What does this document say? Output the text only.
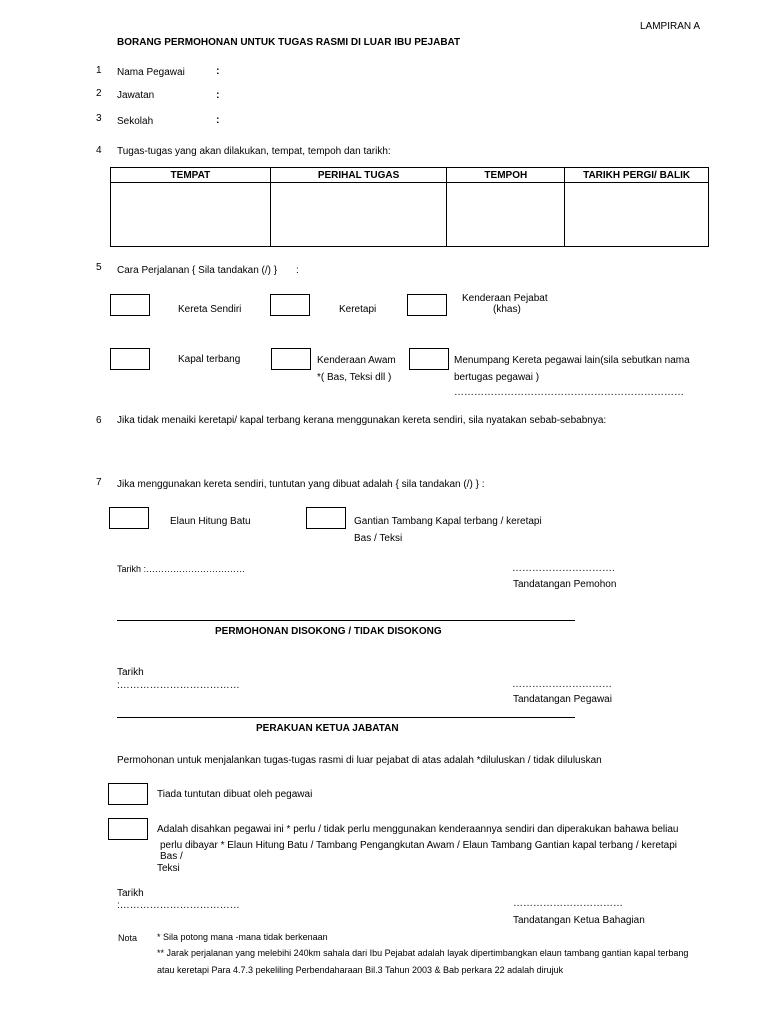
LAMPIRAN A
BORANG PERMOHONAN UNTUK TUGAS RASMI DI LUAR IBU PEJABAT
1 Nama Pegawai	:
2 Jawatan	:
3 Sekolah	:
4 Tugas-tugas yang akan dilakukan, tempat, tempoh dan tarikh:
TEMPAT	PERIHAL TUGAS	TEMPOH	TARIKH PERGI/ BALIK

5 Cara Perjalanan { Sila tandakan (/) } :
Kereta Sendiri	Keretapi
Kenderaan Pejabat
(khas)
Kapal terbang	Kenderaan Awam
*( Bas, Teksi dll )
Menumpang Kereta pegawai lain(sila sebutkan nama
bertugas pegawai )
……………………………………………………………
6 Jika tidak menaiki keretapi/ kapal terbang kerana menggunakan kereta sendiri, sila nyatakan sebab-sebabnya:
7 Jika menggunakan kereta sendiri, tuntutan yang dibuat adalah { sila tandakan (/) } :
Elaun Hitung Batu	Gantian Tambang Kapal terbang / keretapi
Bas / Teksi
Tarikh :……………………………	………………………….
Tandatangan Pemohon
PERMOHONAN DISOKONG / TIDAK DISOKONG
Tarikh
:………………………………	…………………………
Tandatangan Pegawai
PERAKUAN KETUA JABATAN
Permohonan untuk menjalankan tugas-tugas rasmi di luar pejabat di atas adalah *diluluskan / tidak diluluskan
Tiada tuntutan dibuat oleh pegawai
Adalah disahkan pegawai ini * perlu / tidak perlu menggunakan kenderaannya sendiri dan diperakukan bahawa beliau
perlu dibayar * Elaun Hitung Batu / Tambang Pengangkutan Awam / Elaun Tambang Gantian kapal terbang / keretapi
Bas /
Teksi
Tarikh
:………………………………	……………………………
Tandatangan Ketua Bahagian
Nota * Sila potong mana -mana tidak berkenaan
** Jarak perjalanan yang melebihi 240km sahala dari Ibu Pejabat adalah layak dipertimbangkan elaun tambang gantian kapal terbang
atau keretapi Para 4.7.3 pekeliling Perbendaharaan Bil.3 Tahun 2003 & Bab perkara 22 adalah dirujuk
